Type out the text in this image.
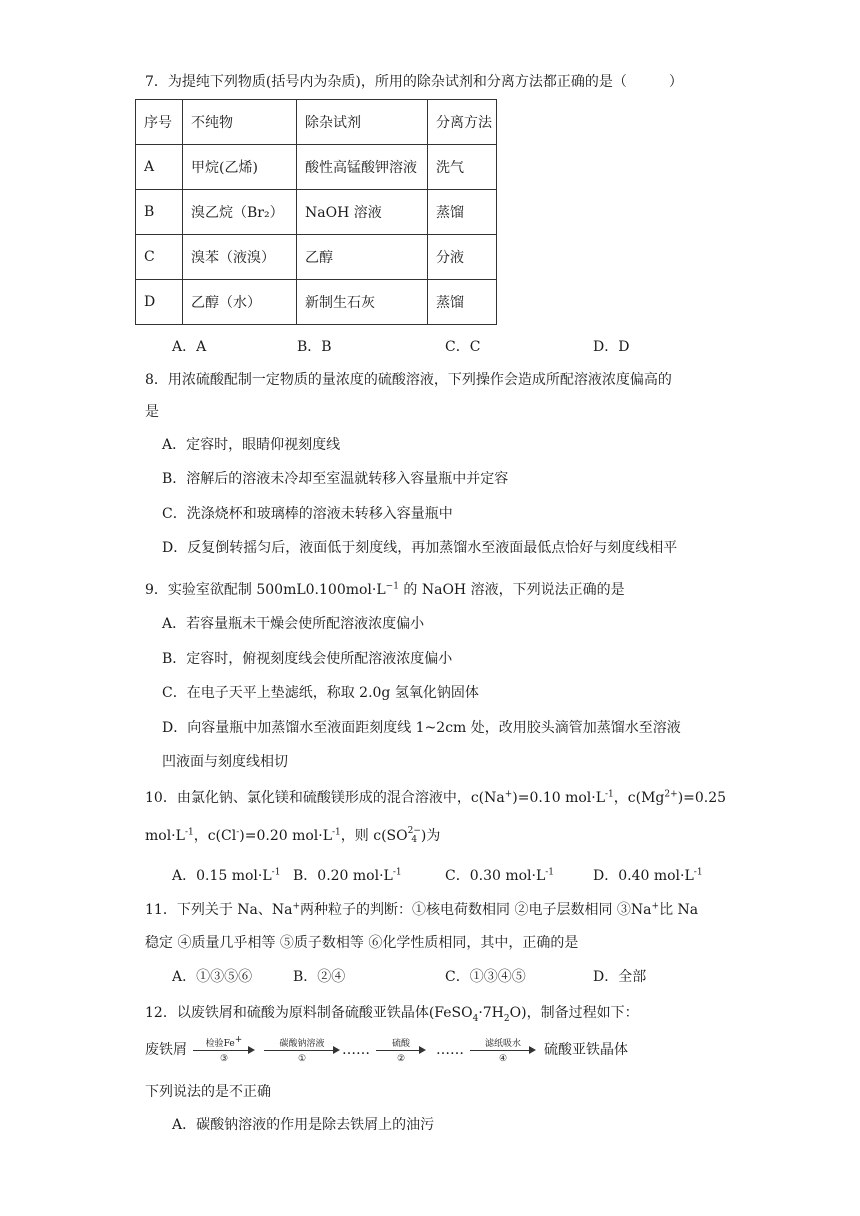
7．为提纯下列物质(括号内为杂质)，所用的除杂试剂和分离方法都正确的是（　　　）
序号	不纯物	除杂试剂	分离方法
A	甲烷(乙烯)	酸性高锰酸钾溶液	洗气
B	溴乙烷（Br₂）	NaOH 溶液	蒸馏
C	溴苯（液溴）	乙醇	分液
D	乙醇（水）	新制生石灰	蒸馏
A．A	B．B	C．C	D．D
8．用浓硫酸配制一定物质的量浓度的硫酸溶液，下列操作会造成所配溶液浓度偏高的
是
A．定容时，眼睛仰视刻度线
B．溶解后的溶液未冷却至室温就转移入容量瓶中并定容
C．洗涤烧杯和玻璃棒的溶液未转移入容量瓶中
D．反复倒转摇匀后，液面低于刻度线，再加蒸馏水至液面最低点恰好与刻度线相平
9．实验室欲配制 $500mL0.100mol\cdot L^{-1}$ 的 NaOH 溶液，下列说法正确的是
A．若容量瓶未干燥会使所配溶液浓度偏小
B．定容时，俯视刻度线会使所配溶液浓度偏小
C．在电子天平上垫滤纸，称取 2.0g 氢氧化钠固体
D．向容量瓶中加蒸馏水至液面距刻度线 1~2cm 处，改用胶头滴管加蒸馏水至溶液
凹液面与刻度线相切
10．由氯化钠、氯化镁和硫酸镁形成的混合溶液中，c(Na+)=0.10 $mol\cdot L^{-1}$，$c(Mg^{2+})=0.25$
$mol\cdot L^{-1}$，c(Cl-)=0.20 $mol\cdot L^{-1}$，则 c(SO2−
4 )为
A．0.15 $mol\cdot L^{-1}$ B．0.20 $mol\cdot L^{-1}$	C．0.30 $mol\cdot L^{-1}$	D．0.40 $mol\cdot L^{-1}$
11．下列关于 Na、Na+两种粒子的判断：①核电荷数相同 ②电子层数相同 ③Na+比 Na
稳定 ④质量几乎相等 ⑤质子数相等 ⑥化学性质相同，其中，正确的是
A．①③⑤⑥	B．②④	C．①③④⑤	D．全部
12．以废铁屑和硫酸为原料制备硫酸亚铁晶体$(FeSO_4\cdot 7H_2O)$，制备过程如下：
废铁屑	检验Fe+
③
碳酸钠溶液
①
……	硫酸
②
……	滤纸吸水
④
硫酸亚铁晶体
下列说法的是不正确
A．碳酸钠溶液的作用是除去铁屑上的油污
